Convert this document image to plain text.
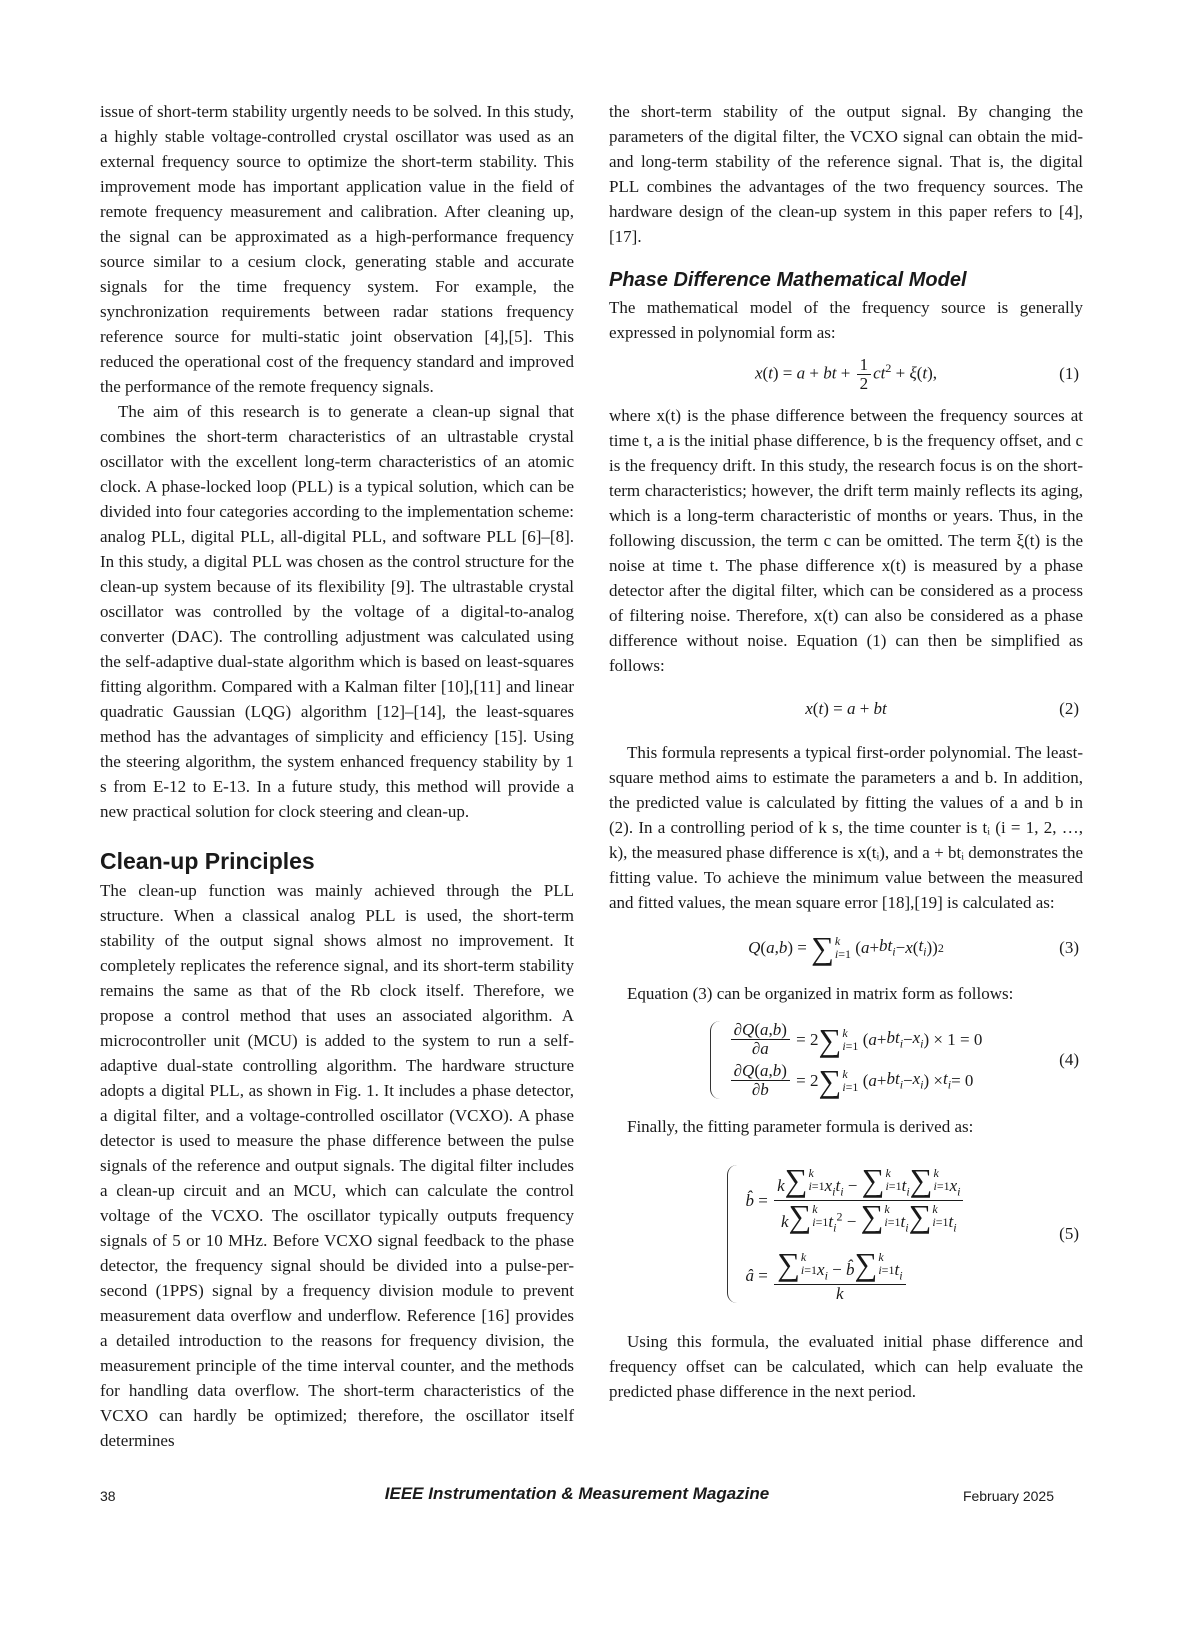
issue of short-term stability urgently needs to be solved. In this study, a highly stable voltage-controlled crystal oscillator was used as an external frequency source to optimize the short-term stability. This improvement mode has important application value in the field of remote frequency measurement and calibration. After cleaning up, the signal can be approximated as a high-performance frequency source similar to a cesium clock, generating stable and accurate signals for the time frequency system. For example, the synchronization requirements between radar stations frequency reference source for multi-static joint observation [4],[5]. This reduced the operational cost of the frequency standard and improved the performance of the remote frequency signals.

The aim of this research is to generate a clean-up signal that combines the short-term characteristics of an ultrastable crystal oscillator with the excellent long-term characteristics of an atomic clock. A phase-locked loop (PLL) is a typical solution, which can be divided into four categories according to the implementation scheme: analog PLL, digital PLL, all-digital PLL, and software PLL [6]–[8]. In this study, a digital PLL was chosen as the control structure for the clean-up system because of its flexibility [9]. The ultrastable crystal oscillator was controlled by the voltage of a digital-to-analog converter (DAC). The controlling adjustment was calculated using the self-adaptive dual-state algorithm which is based on least-squares fitting algorithm. Compared with a Kalman filter [10],[11] and linear quadratic Gaussian (LQG) algorithm [12]–[14], the least-squares method has the advantages of simplicity and efficiency [15]. Using the steering algorithm, the system enhanced frequency stability by 1 s from E-12 to E-13. In a future study, this method will provide a new practical solution for clock steering and clean-up.

Clean-up Principles

The clean-up function was mainly achieved through the PLL structure. When a classical analog PLL is used, the short-term stability of the output signal shows almost no improvement. It completely replicates the reference signal, and its short-term stability remains the same as that of the Rb clock itself. Therefore, we propose a control method that uses an associated algorithm. A microcontroller unit (MCU) is added to the system to run a self-adaptive dual-state controlling algorithm. The hardware structure adopts a digital PLL, as shown in Fig. 1. It includes a phase detector, a digital filter, and a voltage-controlled oscillator (VCXO). A phase detector is used to measure the phase difference between the pulse signals of the reference and output signals. The digital filter includes a clean-up circuit and an MCU, which can calculate the control voltage of the VCXO. The oscillator typically outputs frequency signals of 5 or 10 MHz. Before VCXO signal feedback to the phase detector, the frequency signal should be divided into a pulse-per-second (1PPS) signal by a frequency division module to prevent measurement data overflow and underflow. Reference [16] provides a detailed introduction to the reasons for frequency division, the measurement principle of the time interval counter, and the methods for handling data overflow. The short-term characteristics of the VCXO can hardly be optimized; therefore, the oscillator itself determines

the short-term stability of the output signal. By changing the parameters of the digital filter, the VCXO signal can obtain the mid- and long-term stability of the reference signal. That is, the digital PLL combines the advantages of the two frequency sources. The hardware design of the clean-up system in this paper refers to [4],[17].

Phase Difference Mathematical Model

The mathematical model of the frequency source is generally expressed in polynomial form as:

x(t) = a + bt + $\frac{1}{2} ct^2 + \xi(t)$,	(1)

where x(t) is the phase difference between the frequency sources at time t, a is the initial phase difference, b is the frequency offset, and c is the frequency drift. In this study, the research focus is on the short-term characteristics; however, the drift term mainly reflects its aging, which is a long-term characteristic of months or years. Thus, in the following discussion, the term c can be omitted. The term ξ(t) is the noise at time t. The phase difference x(t) is measured by a phase detector after the digital filter, which can be considered as a process of filtering noise. Therefore, x(t) can also be considered as a phase difference without noise. Equation (1) can then be simplified as follows:

x(t) = a + bt	(2)

This formula represents a typical first-order polynomial. The least-square method aims to estimate the parameters a and b. In addition, the predicted value is calculated by fitting the values of a and b in (2). In a controlling period of k s, the time counter is tᵢ (i = 1, 2, …, k), the measured phase difference is x(tᵢ), and a + btᵢ demonstrates the fitting value. To achieve the minimum value between the measured and fitted values, the mean square error [18],[19] is calculated as:

Q ( a , b ) = ∑ k
i=1 ( $a + bt_i - x$ ( $t_i$ )) 2	(3)

Equation (3) can be organized in matrix form as follows:

$\frac{\partial Q(a,b)}{\partial a} = 2$ ∑ k
i=1 ( $a + bt_i - x_i$ ) × 1 = 0
$\frac{\partial Q(a,b)}{\partial b} = 2$ ∑ k
i=1 ( $a + bt_i - x_i$ ) × $t_i = 0$
(4)

Finally, the fitting parameter formula is derived as:

b̂ = k ∑ k
i=1 $x_it_i$ − ∑ k
i=1 $t_i$ ∑ k
i=1 $x_i$
k ∑ k
i=1 $t_i^2$ − ∑ k
i=1 $t_i$ ∑ k
i=1 $t_i$
â = ∑ k
i=1 $x_i$ − b̂ ∑ k
i=1 $t_i$
k
(5)

Using this formula, the evaluated initial phase difference and frequency offset can be calculated, which can help evaluate the predicted phase difference in the next period.

38	IEEE Instrumentation & Measurement Magazine	February 2025
